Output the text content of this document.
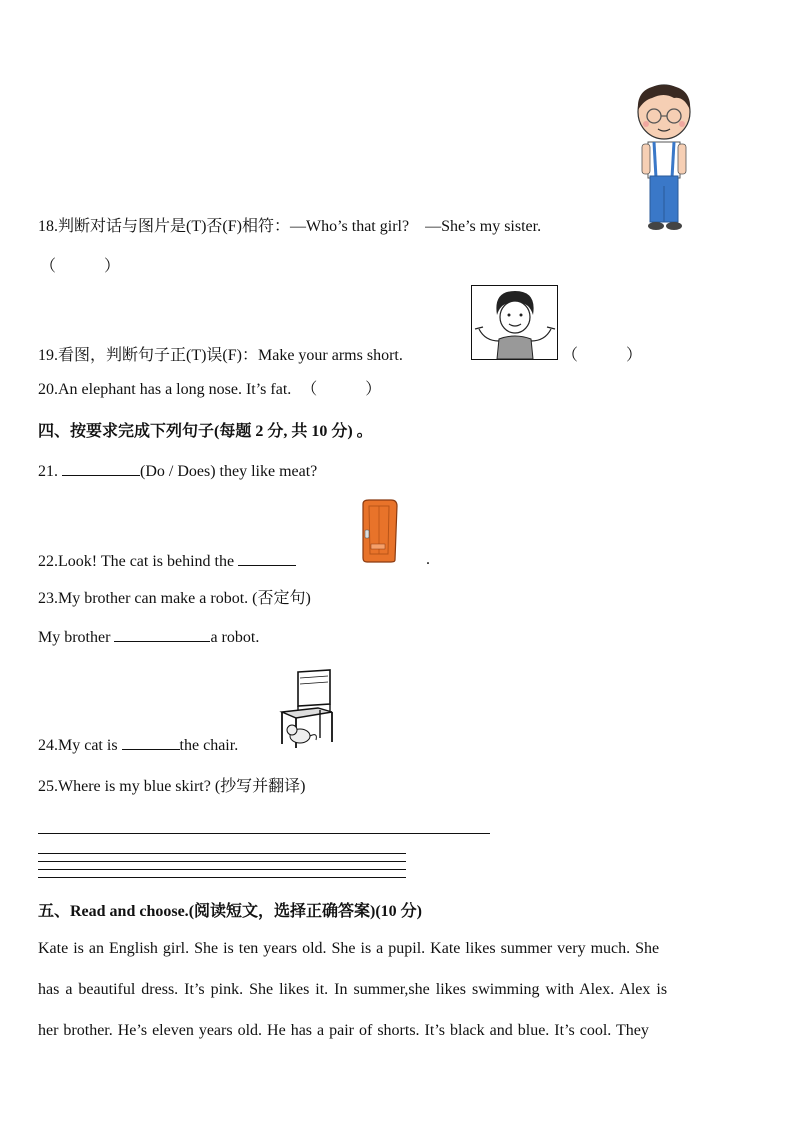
18.判断对话与图片是(T)否(F)相符：—Who’s that girl?　—She’s my sister.
（　　　）
19.看图，判断句子正(T)误(F)：Make your arms short.	（　　　）
20.An elephant has a long nose. It’s fat. （　　　）
四、按要求完成下列句子(每题 2 分, 共 10 分) 。
21.	(Do / Does) they like meat?
22.Look! The cat is behind the	.
23.My brother can make a robot. (否定句)
My brother	a robot.
24.My cat is	the chair.
25.Where is my blue skirt? (抄写并翻译)
五、Read and choose.(阅读短文，选择正确答案)(10 分)
Kate is an English girl. She is ten years old. She is a pupil. Kate likes summer very much. She
has a beautiful dress. It’s pink. She likes it. In summer,she likes swimming with Alex. Alex is
her brother. He’s eleven years old. He has a pair of shorts. It’s black and blue. It’s cool. They
